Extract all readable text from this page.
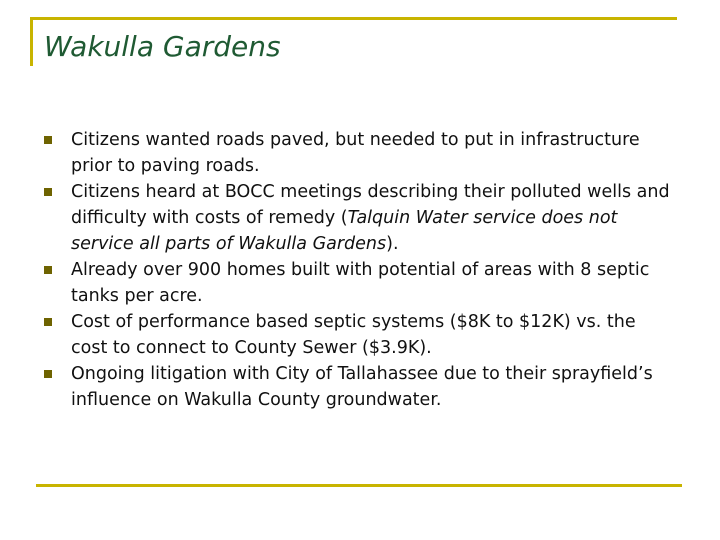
Wakulla Gardens
Citizens wanted roads paved, but needed to put in infrastructure prior to paving roads.
Citizens heard at BOCC meetings describing their polluted wells and difficulty with costs of remedy (Talquin Water service does not service all parts of Wakulla Gardens).
Already over 900 homes built with potential of areas with 8 septic tanks per acre.
Cost of performance based septic systems ($8K to $12K) vs. the cost to connect to County Sewer ($3.9K).
Ongoing litigation with City of Tallahassee due to their sprayfield’s influence on Wakulla County groundwater.
